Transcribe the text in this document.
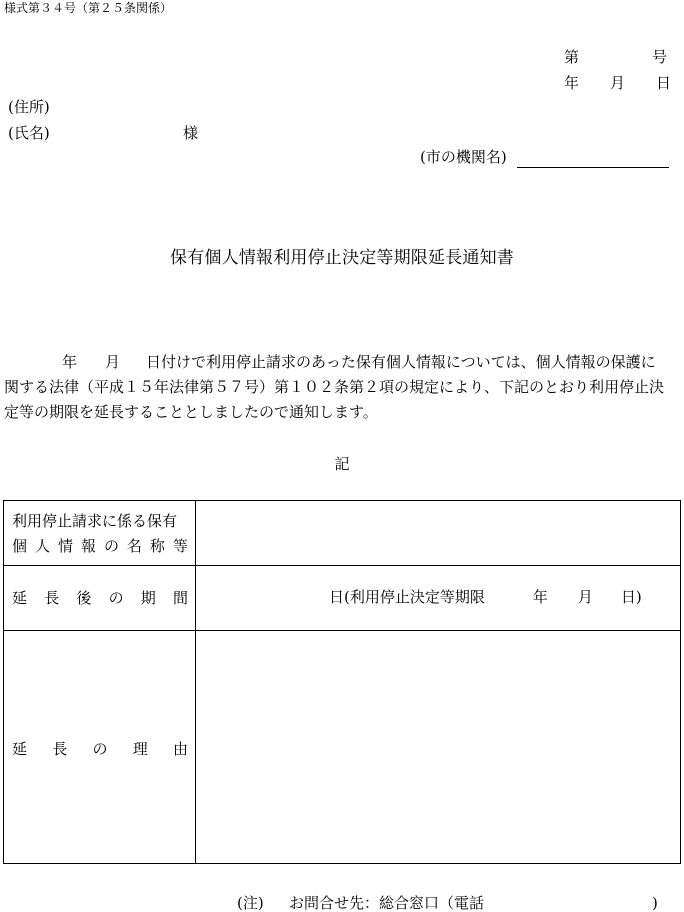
様式第３４号（第２５条関係）
第	号
年 月 日
(住所)
(氏名)	様
(市の機関名)
保有個人情報利用停止決定等期限延長通知書
年 月 日付けで利用停止請求のあった保有個人情報については、個人情報の保護に
関する法律（平成１５年法律第５７号）第１０２条第２項の規定により、下記のとおり利用停止決
定等の期限を延長することとしましたので通知します。
記
利用停止請求に係る保有
個 人 情 報 の 名 称 等
延 長 後 の 期 間	日(利用停止決定等期限	年 月 日)
延 長 の 理 由
(注) お問合せ先：総合窓口（電話	)
